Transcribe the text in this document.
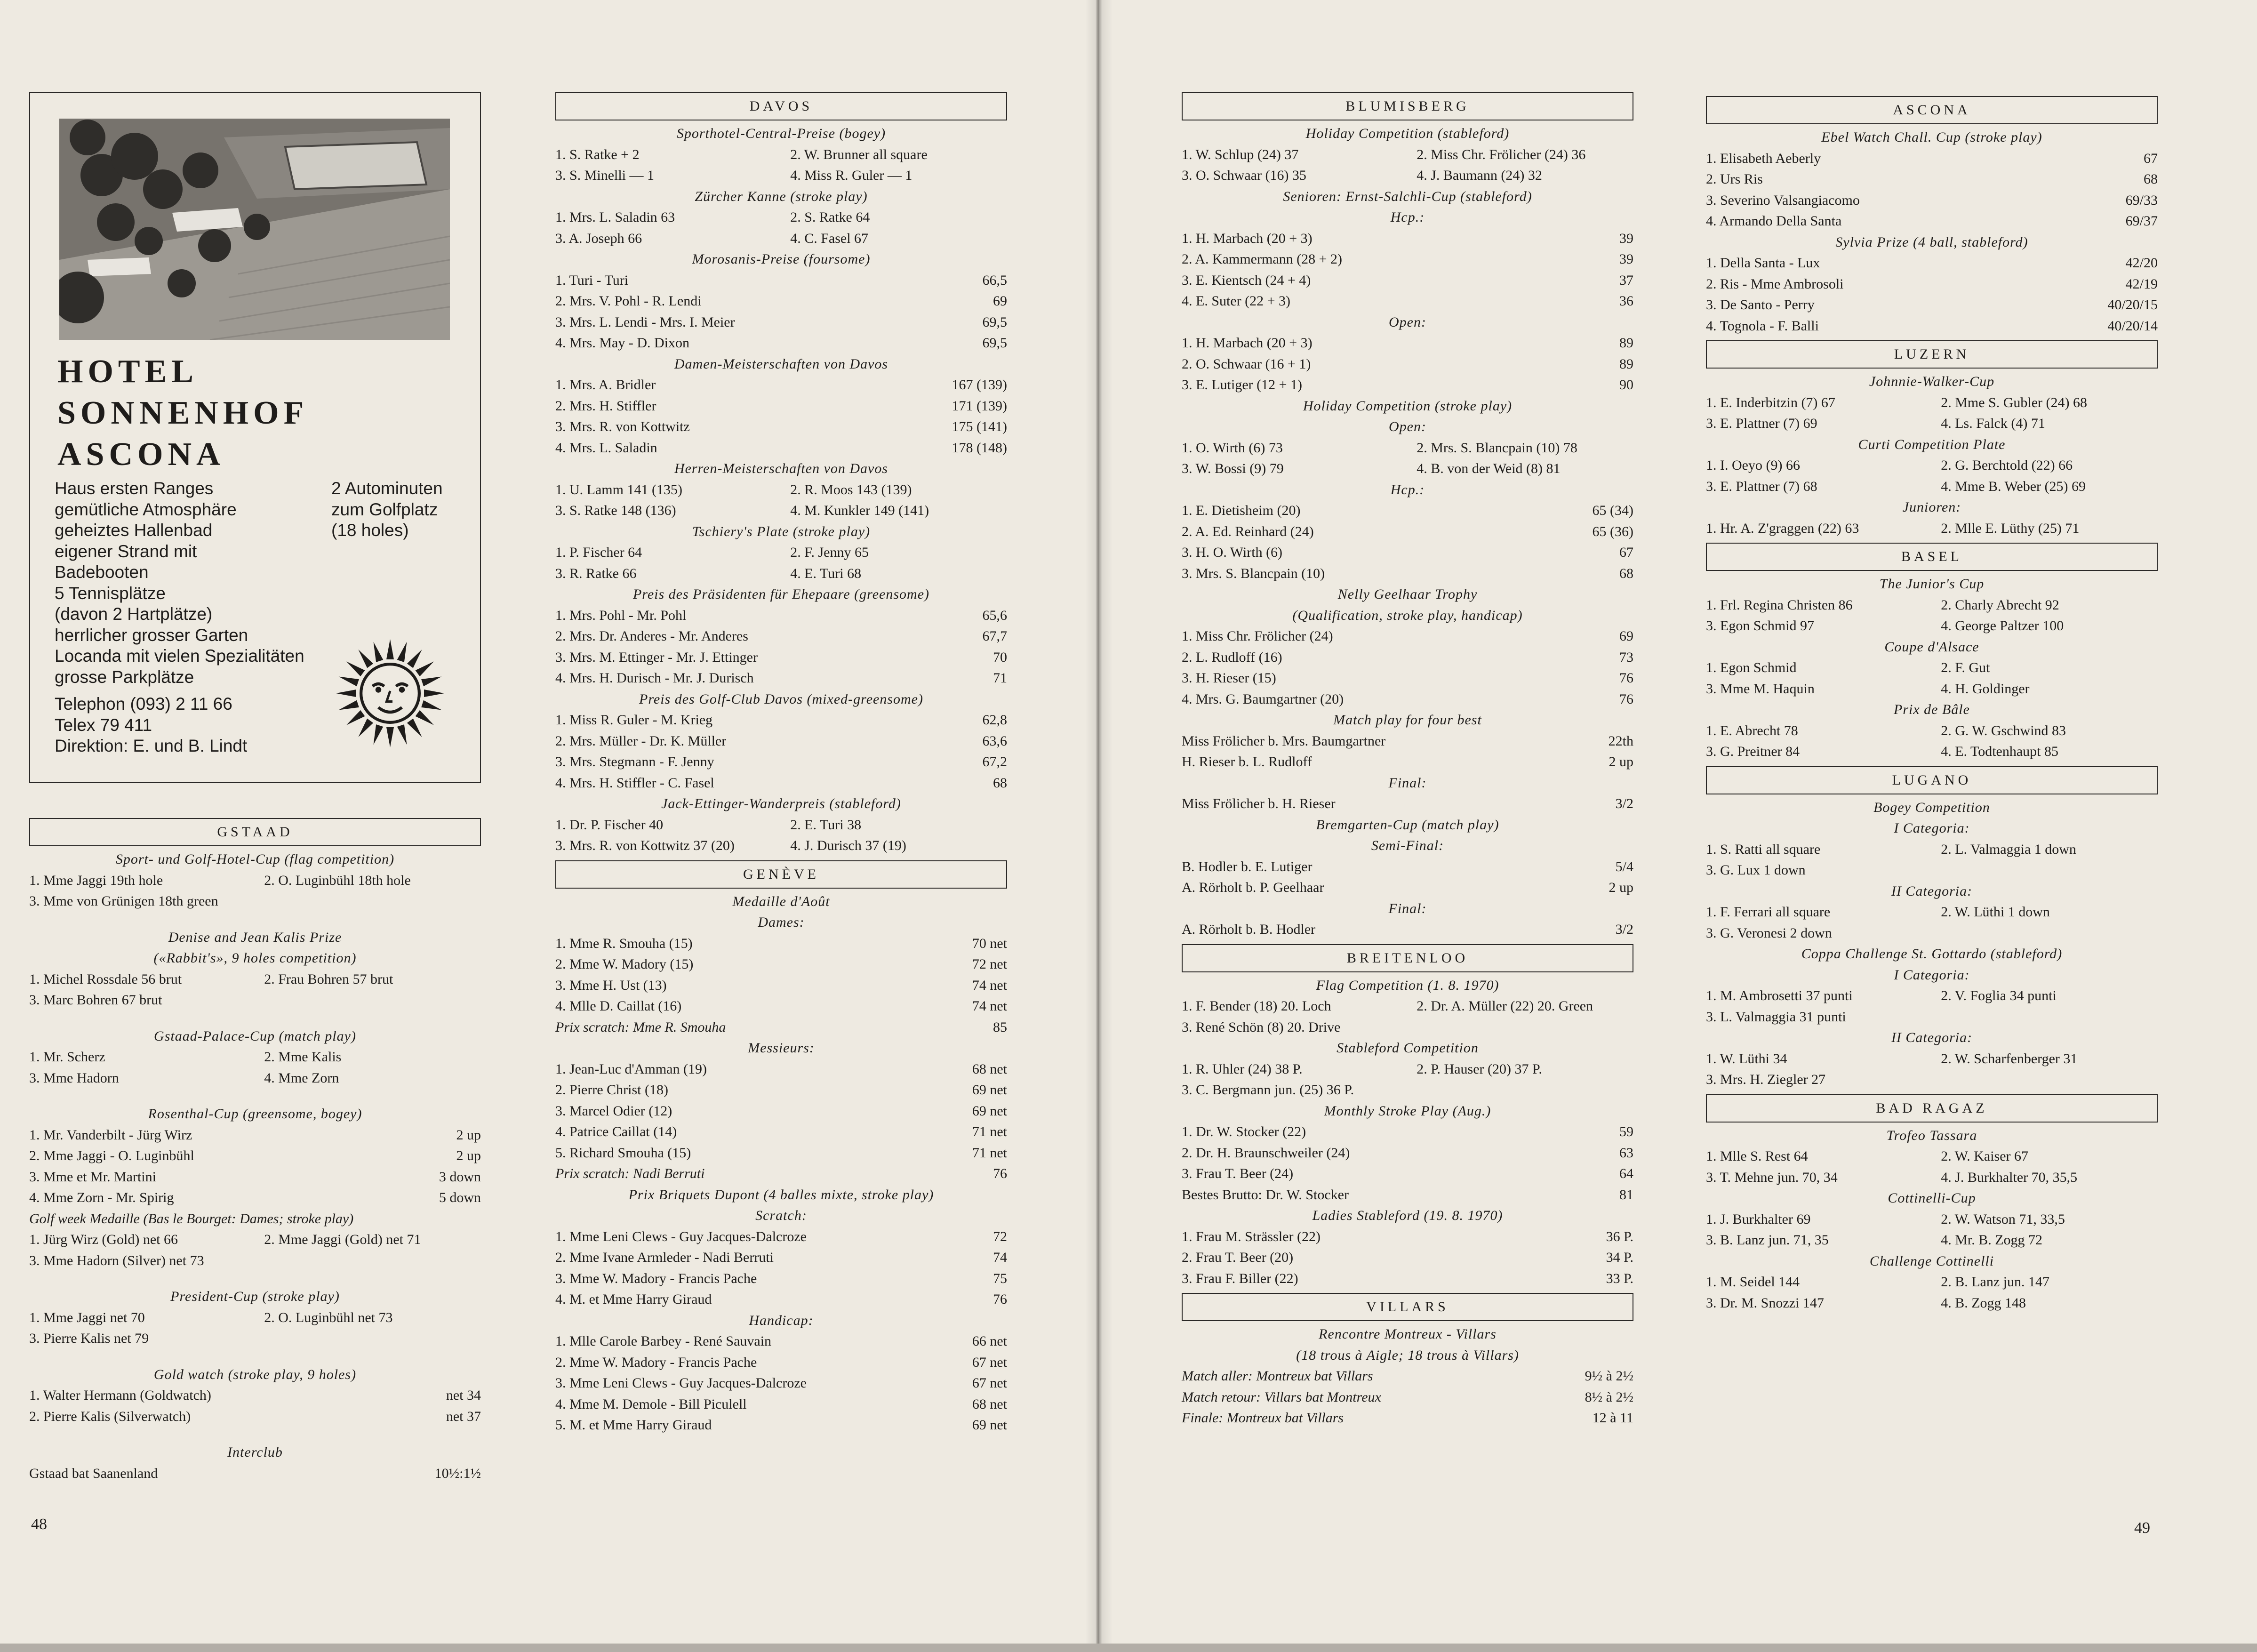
HOTEL
SONNENHOF
ASCONA
Haus ersten Ranges
gemütliche Atmosphäre
geheiztes Hallenbad
eigener Strand mit
Badebooten
5 Tennisplätze
(davon 2 Hartplätze)
herrlicher grosser Garten
Locanda mit vielen Spezialitäten
grosse Parkplätze
2 Autominuten
zum Golfplatz
(18 holes)
Telephon (093) 2 11 66
Telex 79 411
Direktion: E. und B. Lindt
GSTAAD
Sport- und Golf-Hotel-Cup (flag competition)
1. Mme Jaggi 19th hole	2. O. Luginbühl 18th hole
3. Mme von Grünigen 18th green
Denise and Jean Kalis Prize
(«Rabbit's», 9 holes competition)
1. Michel Rossdale 56 brut	2. Frau Bohren 57 brut
3. Marc Bohren 67 brut
Gstaad-Palace-Cup (match play)
1. Mr. Scherz	2. Mme Kalis
3. Mme Hadorn	4. Mme Zorn
Rosenthal-Cup (greensome, bogey)
1. Mr. Vanderbilt - Jürg Wirz	2 up
2. Mme Jaggi - O. Luginbühl	2 up
3. Mme et Mr. Martini	3 down
4. Mme Zorn - Mr. Spirig	5 down
Golf week Medaille (Bas le Bourget: Dames; stroke play)
1. Jürg Wirz (Gold) net 66	2. Mme Jaggi (Gold) net 71
3. Mme Hadorn (Silver) net 73
President-Cup (stroke play)
1. Mme Jaggi net 70	2. O. Luginbühl net 73
3. Pierre Kalis net 79
Gold watch (stroke play, 9 holes)
1. Walter Hermann (Goldwatch)	net 34
2. Pierre Kalis (Silverwatch)	net 37
Interclub
Gstaad bat Saanenland	10½:1½
DAVOS
Sporthotel-Central-Preise (bogey)
1. S. Ratke + 2	2. W. Brunner all square
3. S. Minelli — 1	4. Miss R. Guler — 1
Zürcher Kanne (stroke play)
1. Mrs. L. Saladin 63	2. S. Ratke 64
3. A. Joseph 66	4. C. Fasel 67
Morosanis-Preise (foursome)
1. Turi - Turi	66,5
2. Mrs. V. Pohl - R. Lendi	69
3. Mrs. L. Lendi - Mrs. I. Meier	69,5
4. Mrs. May - D. Dixon	69,5
Damen-Meisterschaften von Davos
1. Mrs. A. Bridler	167 (139)
2. Mrs. H. Stiffler	171 (139)
3. Mrs. R. von Kottwitz	175 (141)
4. Mrs. L. Saladin	178 (148)
Herren-Meisterschaften von Davos
1. U. Lamm 141 (135)	2. R. Moos 143 (139)
3. S. Ratke 148 (136)	4. M. Kunkler 149 (141)
Tschiery's Plate (stroke play)
1. P. Fischer 64	2. F. Jenny 65
3. R. Ratke 66	4. E. Turi 68
Preis des Präsidenten für Ehepaare (greensome)
1. Mrs. Pohl - Mr. Pohl	65,6
2. Mrs. Dr. Anderes - Mr. Anderes	67,7
3. Mrs. M. Ettinger - Mr. J. Ettinger	70
4. Mrs. H. Durisch - Mr. J. Durisch	71
Preis des Golf-Club Davos (mixed-greensome)
1. Miss R. Guler - M. Krieg	62,8
2. Mrs. Müller - Dr. K. Müller	63,6
3. Mrs. Stegmann - F. Jenny	67,2
4. Mrs. H. Stiffler - C. Fasel	68
Jack-Ettinger-Wanderpreis (stableford)
1. Dr. P. Fischer 40	2. E. Turi 38
3. Mrs. R. von Kottwitz 37 (20)	4. J. Durisch 37 (19)
GENÈVE
Medaille d'Août
Dames:
1. Mme R. Smouha (15)	70 net
2. Mme W. Madory (15)	72 net
3. Mme H. Ust (13)	74 net
4. Mlle D. Caillat (16)	74 net
Prix scratch: Mme R. Smouha	85
Messieurs:
1. Jean-Luc d'Amman (19)	68 net
2. Pierre Christ (18)	69 net
3. Marcel Odier (12)	69 net
4. Patrice Caillat (14)	71 net
5. Richard Smouha (15)	71 net
Prix scratch: Nadi Berruti	76
Prix Briquets Dupont (4 balles mixte, stroke play)
Scratch:
1. Mme Leni Clews - Guy Jacques-Dalcroze	72
2. Mme Ivane Armleder - Nadi Berruti	74
3. Mme W. Madory - Francis Pache	75
4. M. et Mme Harry Giraud	76
Handicap:
1. Mlle Carole Barbey - René Sauvain	66 net
2. Mme W. Madory - Francis Pache	67 net
3. Mme Leni Clews - Guy Jacques-Dalcroze	67 net
4. Mme M. Demole - Bill Piculell	68 net
5. M. et Mme Harry Giraud	69 net
48
BLUMISBERG
Holiday Competition (stableford)
1. W. Schlup (24) 37	2. Miss Chr. Frölicher (24) 36
3. O. Schwaar (16) 35	4. J. Baumann (24) 32
Senioren: Ernst-Salchli-Cup (stableford)
Hcp.:
1. H. Marbach (20 + 3)	39
2. A. Kammermann (28 + 2)	39
3. E. Kientsch (24 + 4)	37
4. E. Suter (22 + 3)	36
Open:
1. H. Marbach (20 + 3)	89
2. O. Schwaar (16 + 1)	89
3. E. Lutiger (12 + 1)	90
Holiday Competition (stroke play)
Open:
1. O. Wirth (6) 73	2. Mrs. S. Blancpain (10) 78
3. W. Bossi (9) 79	4. B. von der Weid (8) 81
Hcp.:
1. E. Dietisheim (20)	65 (34)
2. A. Ed. Reinhard (24)	65 (36)
3. H. O. Wirth (6)	67
3. Mrs. S. Blancpain (10)	68
Nelly Geelhaar Trophy
(Qualification, stroke play, handicap)
1. Miss Chr. Frölicher (24)	69
2. L. Rudloff (16)	73
3. H. Rieser (15)	76
4. Mrs. G. Baumgartner (20)	76
Match play for four best
Miss Frölicher b. Mrs. Baumgartner	22th
H. Rieser b. L. Rudloff	2 up
Final:
Miss Frölicher b. H. Rieser	3/2
Bremgarten-Cup (match play)
Semi-Final:
B. Hodler b. E. Lutiger	5/4
A. Rörholt b. P. Geelhaar	2 up
Final:
A. Rörholt b. B. Hodler	3/2
BREITENLOO
Flag Competition (1. 8. 1970)
1. F. Bender (18) 20. Loch	2. Dr. A. Müller (22) 20. Green
3. René Schön (8) 20. Drive
Stableford Competition
1. R. Uhler (24) 38 P.	2. P. Hauser (20) 37 P.
3. C. Bergmann jun. (25) 36 P.
Monthly Stroke Play (Aug.)
1. Dr. W. Stocker (22)	59
2. Dr. H. Braunschweiler (24)	63
3. Frau T. Beer (24)	64
Bestes Brutto: Dr. W. Stocker	81
Ladies Stableford (19. 8. 1970)
1. Frau M. Strässler (22)	36 P.
2. Frau T. Beer (20)	34 P.
3. Frau F. Biller (22)	33 P.
VILLARS
Rencontre Montreux - Villars
(18 trous à Aigle; 18 trous à Villars)
Match aller: Montreux bat Villars	9½ à 2½
Match retour: Villars bat Montreux	8½ à 2½
Finale: Montreux bat Villars	12 à 11
ASCONA
Ebel Watch Chall. Cup (stroke play)
1. Elisabeth Aeberly	67
2. Urs Ris	68
3. Severino Valsangiacomo	69/33
4. Armando Della Santa	69/37
Sylvia Prize (4 ball, stableford)
1. Della Santa - Lux	42/20
2. Ris - Mme Ambrosoli	42/19
3. De Santo - Perry	40/20/15
4. Tognola - F. Balli	40/20/14
LUZERN
Johnnie-Walker-Cup
1. E. Inderbitzin (7) 67	2. Mme S. Gubler (24) 68
3. E. Plattner (7) 69	4. Ls. Falck (4) 71
Curti Competition Plate
1. I. Oeyo (9) 66	2. G. Berchtold (22) 66
3. E. Plattner (7) 68	4. Mme B. Weber (25) 69
Junioren:
1. Hr. A. Z'graggen (22) 63	2. Mlle E. Lüthy (25) 71
BASEL
The Junior's Cup
1. Frl. Regina Christen 86	2. Charly Abrecht 92
3. Egon Schmid 97	4. George Paltzer 100
Coupe d'Alsace
1. Egon Schmid	2. F. Gut
3. Mme M. Haquin	4. H. Goldinger
Prix de Bâle
1. E. Abrecht 78	2. G. W. Gschwind 83
3. G. Preitner 84	4. E. Todtenhaupt 85
LUGANO
Bogey Competition
I Categoria:
1. S. Ratti all square	2. L. Valmaggia 1 down
3. G. Lux 1 down
II Categoria:
1. F. Ferrari all square	2. W. Lüthi 1 down
3. G. Veronesi 2 down
Coppa Challenge St. Gottardo (stableford)
I Categoria:
1. M. Ambrosetti 37 punti	2. V. Foglia 34 punti
3. L. Valmaggia 31 punti
II Categoria:
1. W. Lüthi 34	2. W. Scharfenberger 31
3. Mrs. H. Ziegler 27
BAD RAGAZ
Trofeo Tassara
1. Mlle S. Rest 64	2. W. Kaiser 67
3. T. Mehne jun. 70, 34	4. J. Burkhalter 70, 35,5
Cottinelli-Cup
1. J. Burkhalter 69	2. W. Watson 71, 33,5
3. B. Lanz jun. 71, 35	4. Mr. B. Zogg 72
Challenge Cottinelli
1. M. Seidel 144	2. B. Lanz jun. 147
3. Dr. M. Snozzi 147	4. B. Zogg 148
49
